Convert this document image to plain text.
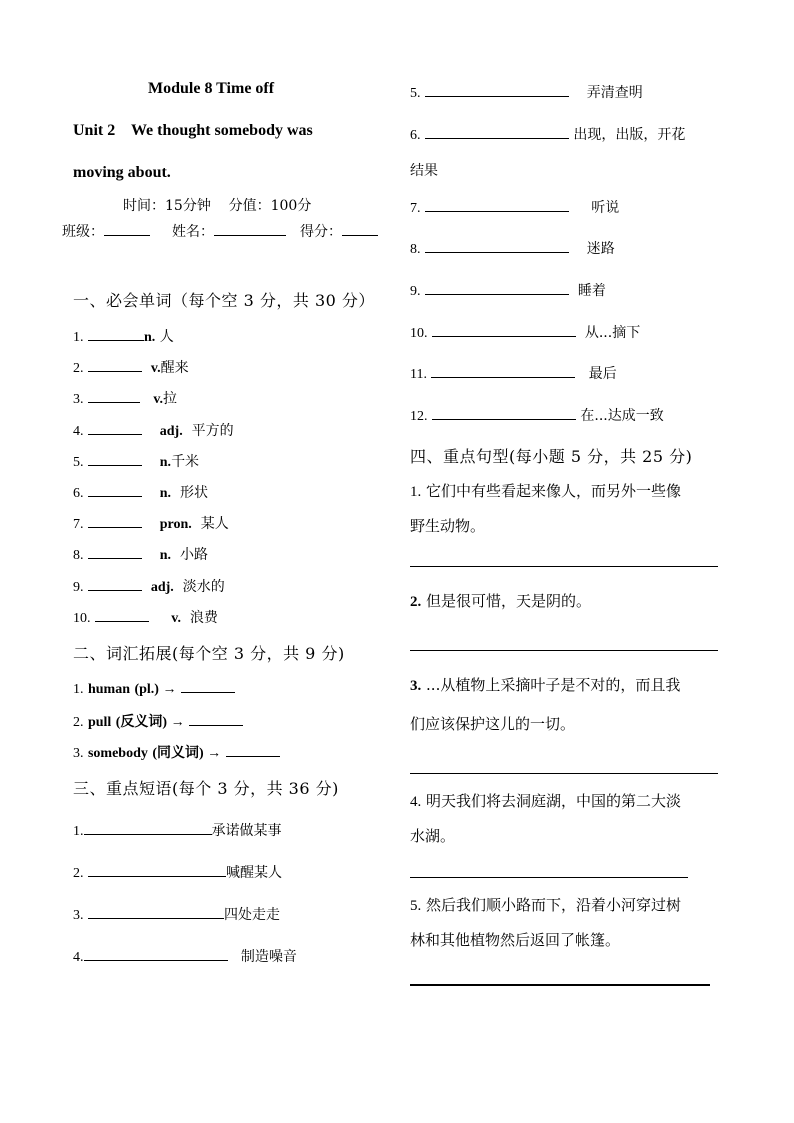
Module 8 Time off
Unit 2    We thought somebody was
moving about.
时间：15分钟    分值：100分
班级：	姓名：	得分：
一、必会单词（每个空 3 分，共 30 分）
1.	n. 人
2.	v.醒来
3.	v.拉
4.	adj. 平方的
5.	n.千米
6.	n. 形状
7.	pron. 某人
8.	n. 小路
9.	adj. 淡水的
10.	v. 浪费
二、词汇拓展(每个空 3 分，共 9 分)
1. human (pl.) →
2. pull (反义词) →
3. somebody (同义词) →
三、重点短语(每个 3 分，共 36 分)
1.	承诺做某事
2.	喊醒某人
3.	四处走走
4.	制造噪音
5.	弄清查明
6.	出现，出版，开花
结果
7.	听说
8.	迷路
9.	睡着
10.	从...摘下
11.	最后
12.	在...达成一致
四、重点句型(每小题 5 分，共 25 分)
1. 它们中有些看起来像人，而另外一些像
野生动物。
2. 但是很可惜，天是阴的。
3. ...从植物上采摘叶子是不对的，而且我
们应该保护这儿的一切。
4. 明天我们将去洞庭湖，中国的第二大淡
水湖。
5. 然后我们顺小路而下，沿着小河穿过树
林和其他植物然后返回了帐篷。
